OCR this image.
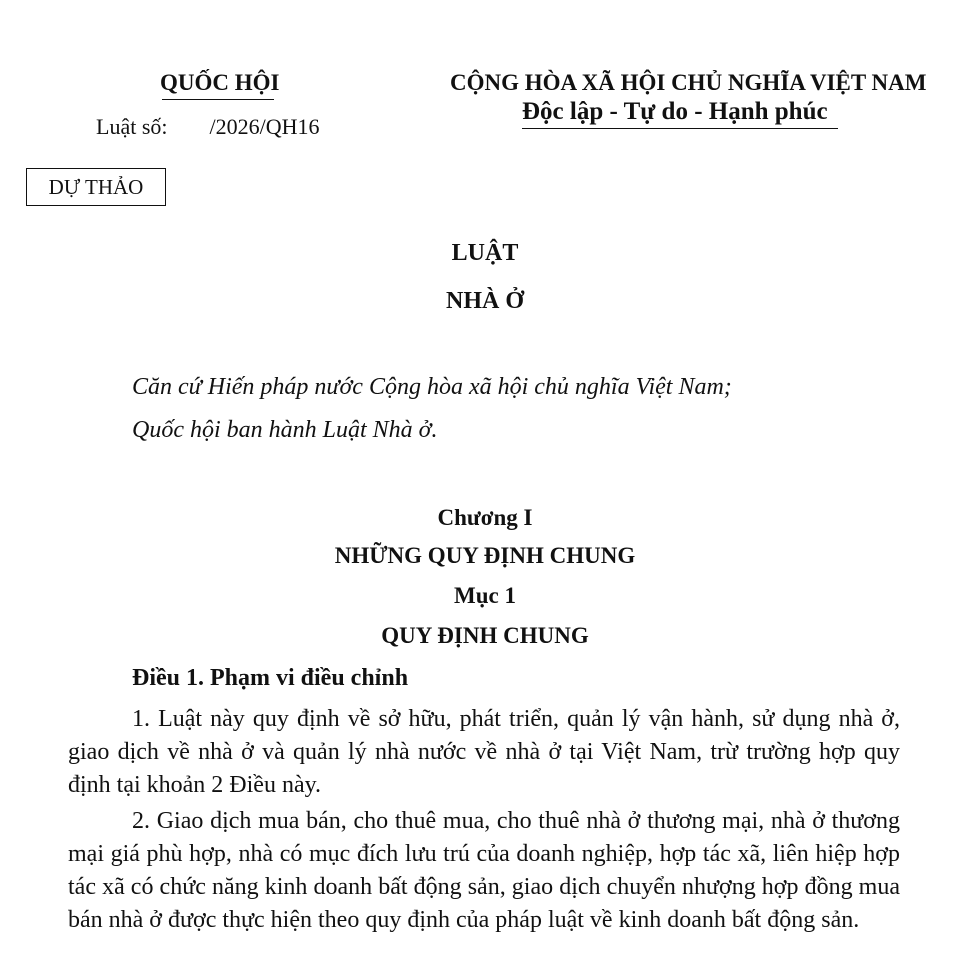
QUỐC HỘI
Luật số: /2026/QH16
CỘNG HÒA XÃ HỘI CHỦ NGHĨA VIỆT NAM
Độc lập - Tự do - Hạnh phúc
DỰ THẢO
LUẬT
NHÀ Ở
Căn cứ Hiến pháp nước Cộng hòa xã hội chủ nghĩa Việt Nam;
Quốc hội ban hành Luật Nhà ở.
Chương I
NHỮNG QUY ĐỊNH CHUNG
Mục 1
QUY ĐỊNH CHUNG
Điều 1. Phạm vi điều chỉnh

1. Luật này quy định về sở hữu, phát triển, quản lý vận hành, sử dụng nhà ở, giao dịch về nhà ở và quản lý nhà nước về nhà ở tại Việt Nam, trừ trường hợp quy định tại khoản 2 Điều này.

2. Giao dịch mua bán, cho thuê mua, cho thuê nhà ở thương mại, nhà ở thương mại giá phù hợp, nhà có mục đích lưu trú của doanh nghiệp, hợp tác xã, liên hiệp hợp tác xã có chức năng kinh doanh bất động sản, giao dịch chuyển nhượng hợp đồng mua bán nhà ở được thực hiện theo quy định của pháp luật về kinh doanh bất động sản.
